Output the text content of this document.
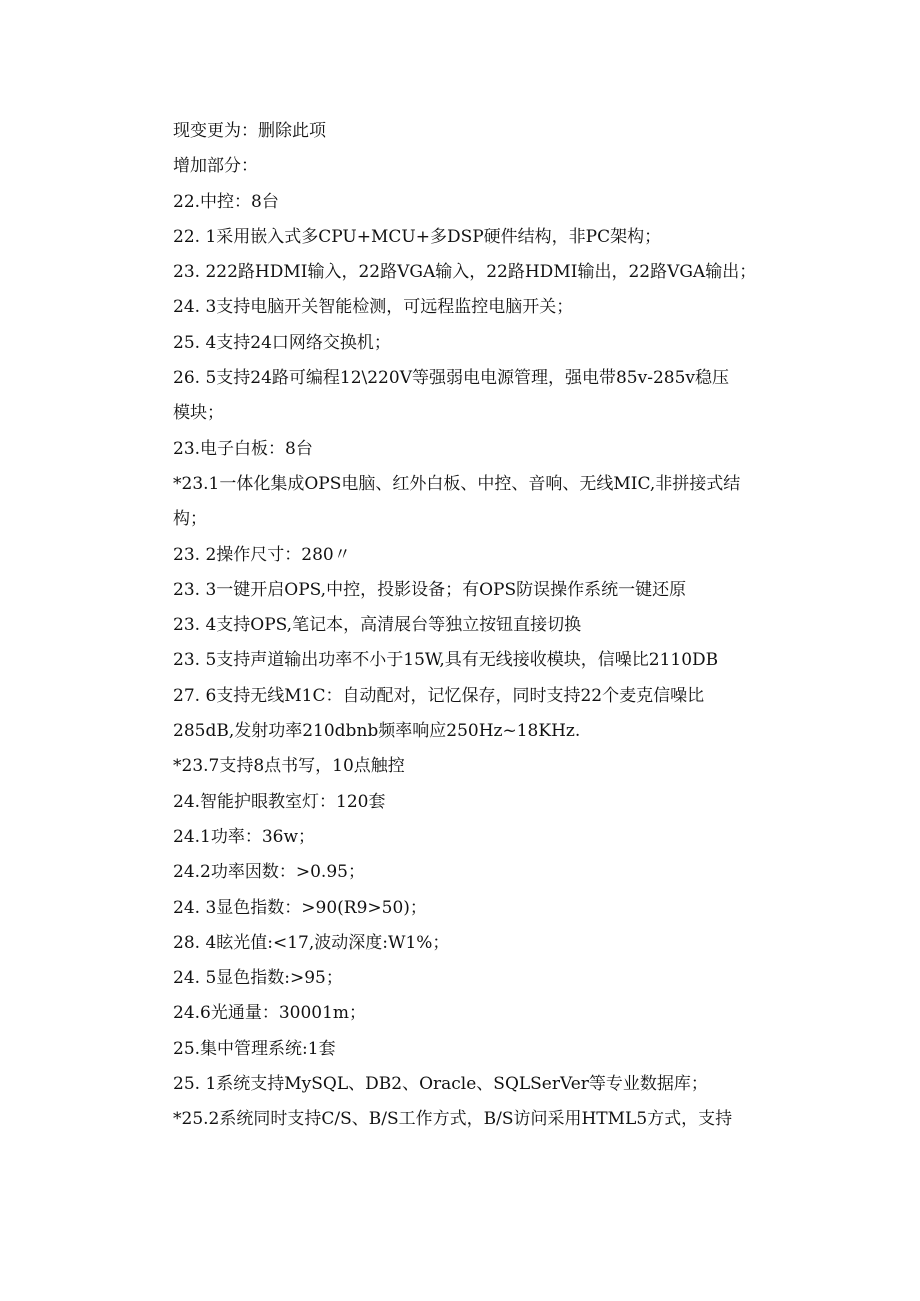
现变更为：删除此项
增加部分：
22.中控：8台
22. 1采用嵌入式多CPU+MCU+多DSP硬件结构，非PC架构；
23. 222路HDMI输入，22路VGA输入，22路HDMI输出，22路VGA输出；
24. 3支持电脑开关智能检测，可远程监控电脑开关；
25. 4支持24口网络交换机；
26. 5支持24路可编程12\220V等强弱电电源管理，强电带85v-285v稳压
模块；
23.电子白板：8台
*23.1一体化集成OPS电脑、红外白板、中控、音响、无线MIC,非拼接式结
构；
23. 2操作尺寸：280〃
23. 3一键开启OPS,中控，投影设备；有OPS防误操作系统一键还原
23. 4支持OPS,笔记本，高清展台等独立按钮直接切换
23. 5支持声道输出功率不小于15W,具有无线接收模块，信噪比2110DB
27. 6支持无线M1C：自动配对，记忆保存，同时支持22个麦克信噪比
285dB,发射功率210dbnb频率响应250Hz~18KHz.
*23.7支持8点书写，10点触控
24.智能护眼教室灯：120套
24.1功率：36w；
24.2功率因数：>0.95；
24. 3显色指数：>90(R9>50)；
28. 4眩光值:<17,波动深度:W1%；
24. 5显色指数:>95；
24.6光通量：30001m；
25.集中管理系统:1套
25. 1系统支持MySQL、DB2、Oracle、SQLSerVer等专业数据库；
*25.2系统同时支持C/S、B/S工作方式，B/S访问采用HTML5方式，支持
